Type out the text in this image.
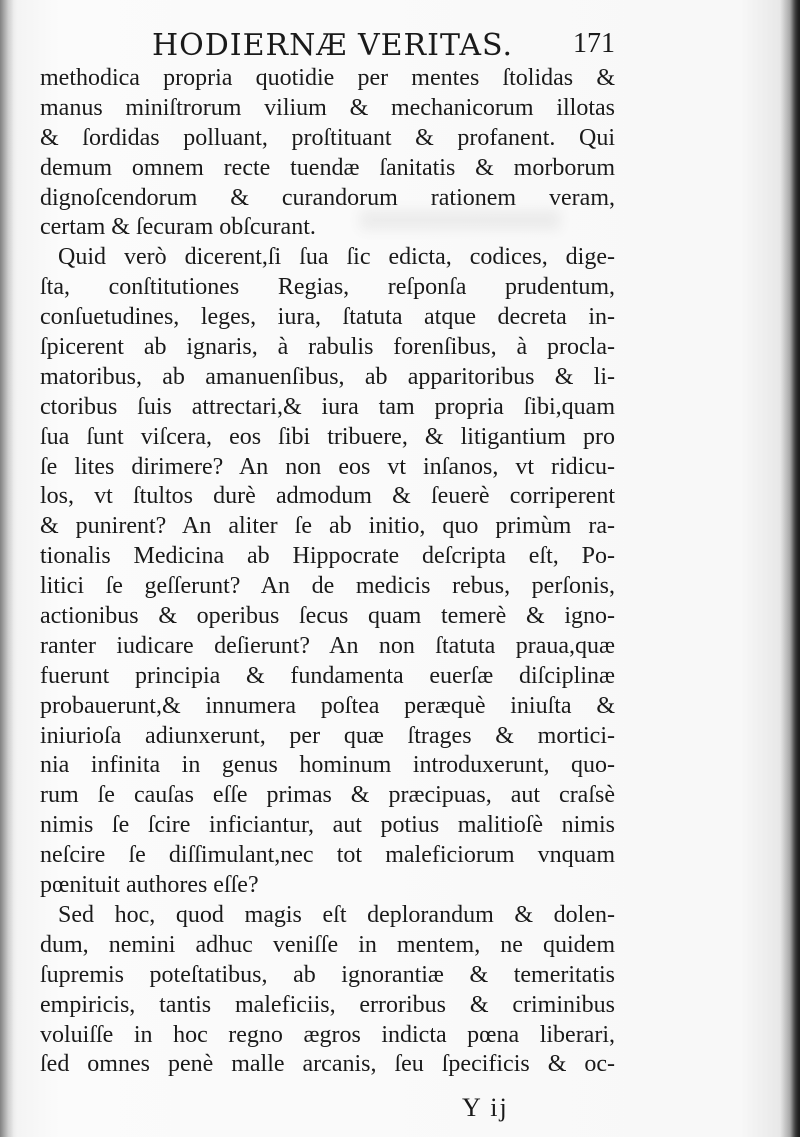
HODIERNÆ VERITAS. 171
methodica propria quotidie per mentes ſtolidas &
manus miniſtrorum vilium & mechanicorum illotas
& ſordidas polluant, proſtituant & profanent. Qui
demum omnem recte tuendæ ſanitatis & morborum
dignoſcendorum & curandorum rationem veram,
certam & ſecuram obſcurant.
Quid verò dicerent,ſi ſua ſic edicta, codices, dige-
ſta, conſtitutiones Regias, reſponſa prudentum,
conſuetudines, leges, iura, ſtatuta atque decreta in-
ſpicerent ab ignaris, à rabulis forenſibus, à procla-
matoribus, ab amanuenſibus, ab apparitoribus & li-
ctoribus ſuis attrectari,& iura tam propria ſibi,quam
ſua ſunt viſcera, eos ſibi tribuere, & litigantium pro
ſe lites dirimere? An non eos vt inſanos, vt ridicu-
los, vt ſtultos durè admodum & ſeuerè corriperent
& punirent? An aliter ſe ab initio, quo primùm ra-
tionalis Medicina ab Hippocrate deſcripta eſt, Po-
litici ſe geſſerunt? An de medicis rebus, perſonis,
actionibus & operibus ſecus quam temerè & igno-
ranter iudicare deſierunt? An non ſtatuta praua,quæ
fuerunt principia & fundamenta euerſæ diſciplinæ
probauerunt,& innumera poſtea peræquè iniuſta &
iniurioſa adiunxerunt, per quæ ſtrages & mortici-
nia infinita in genus hominum introduxerunt, quo-
rum ſe cauſas eſſe primas & præcipuas, aut craſsè
nimis ſe ſcire inficiantur, aut potius malitioſè nimis
neſcire ſe diſſimulant,nec tot maleficiorum vnquam
pœnituit authores eſſe?
Sed hoc, quod magis eſt deplorandum & dolen-
dum, nemini adhuc veniſſe in mentem, ne quidem
ſupremis poteſtatibus, ab ignorantiæ & temeritatis
empiricis, tantis maleficiis, erroribus & criminibus
voluiſſe in hoc regno ægros indicta pœna liberari,
ſed omnes penè malle arcanis, ſeu ſpecificis & oc-
Y ij
